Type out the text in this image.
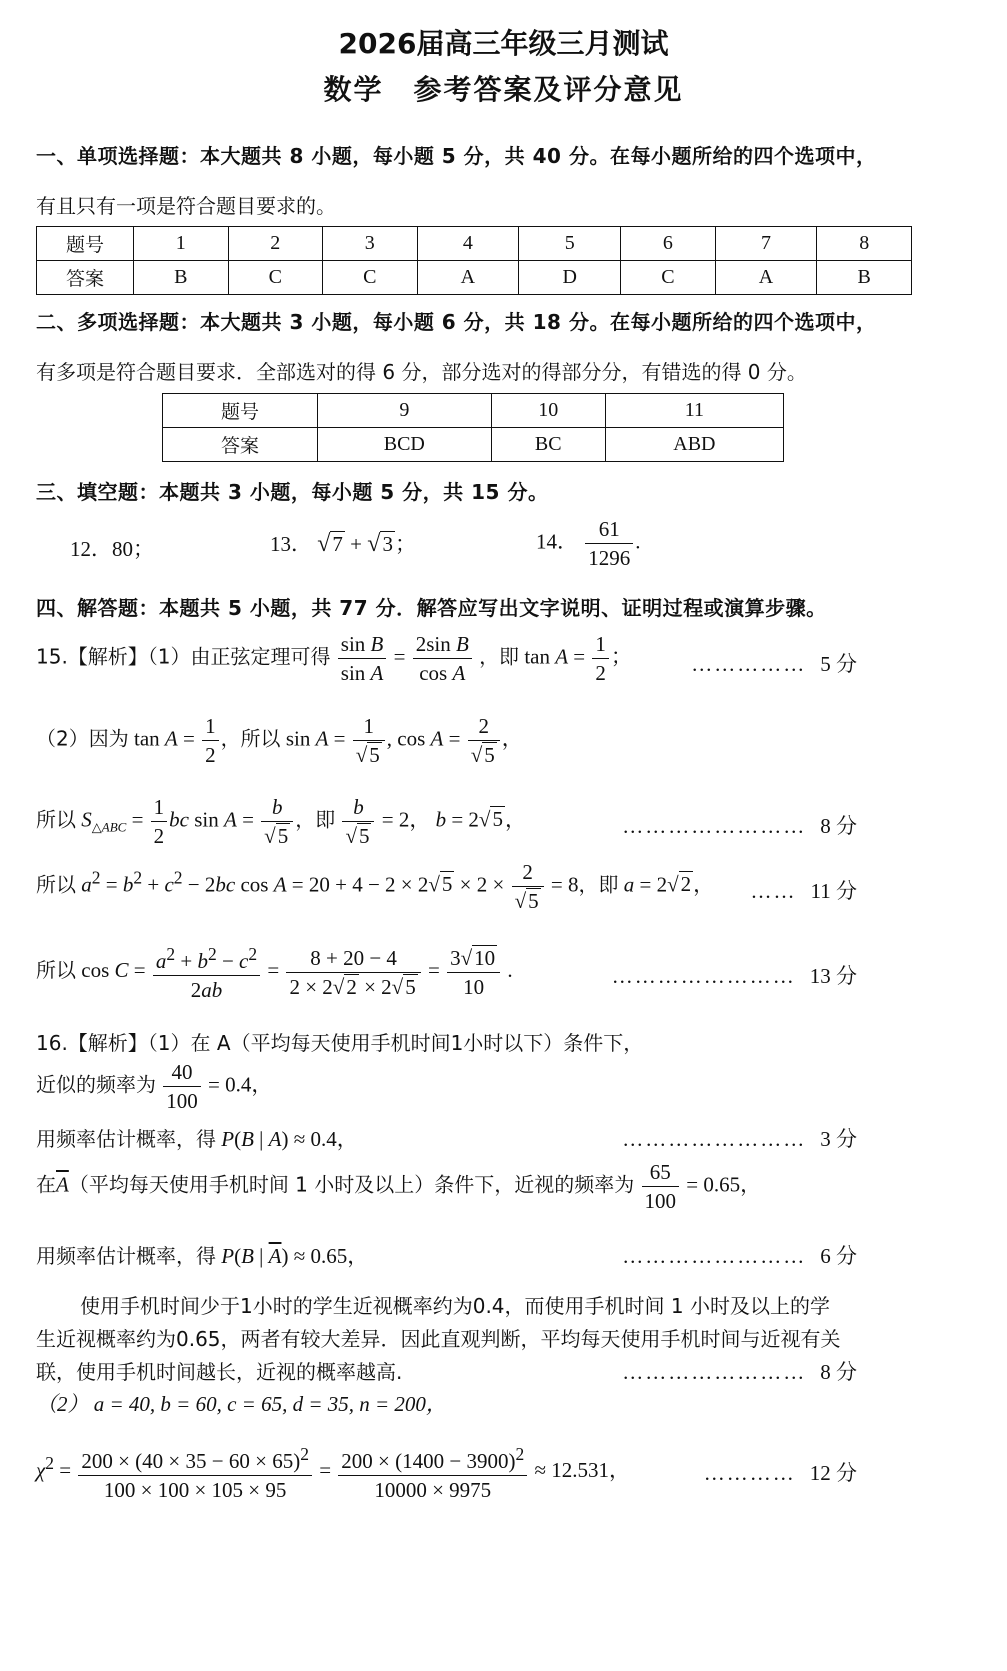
2026届高三年级三月测试
数学　参考答案及评分意见
一、单项选择题：本大题共 8 小题，每小题 5 分，共 40 分。在每小题所给的四个选项中，
有且只有一项是符合题目要求的。
题号	1	2	3	4	5	6	7	8
答案	B	C	C	A	D	C	A	B
二、多项选择题：本大题共 3 小题，每小题 6 分，共 18 分。在每小题所给的四个选项中，
有多项是符合题目要求．全部选对的得 6 分，部分选对的得部分分，有错选的得 0 分。
题号	9	10	11
答案	BCD	BC	ABD
三、填空题：本题共 3 小题，每小题 5 分，共 15 分。
12．80；	13． √7 + √3；	14． $\frac{61}{1296}$ .
四、解答题：本题共 5 小题，共 77 分．解答应写出文字说明、证明过程或演算步骤。
15.【解析】（1）由正弦定理可得 $\frac{\text{sin B}}{\text{sin A}} = \frac{\text{2sin B}}{\text{cos A}}$ ，即 $\tan A = \frac{1}{2}$ ；	…………… 5 分
（2）因为 $\tan A = \frac{1}{2}$ ，所以 $\sin A = \frac{1}{√5}$ , $\cos A = \frac{2}{√5}$ ，
所以 $S_{\triangle ABC} = \frac{1}{2}$ bc $\sin A = \frac{b}{√5}$ ，即 $\frac{b}{√5} = 2$， b = 2√5，	…………………… 8 分
所以 $a^2 = b^2 + c^2 - 2bc$ $\cos A = 20 + 4 - 2 \times 2√5 \times 2 \times \frac{2}{√5} = 8$，即 a = 2√2， …… 11 分
所以 $\cos C = \frac{a^2 + b^2 - c^2}{2ab} = \frac{8 + 20 - 4}{2 \times 2√2 \times 2√5} = \frac{3√10}{10}$ .	…………………… 13 分
16.【解析】（1）在 A（平均每天使用手机时间1小时以下）条件下，
近似的频率为 $\frac{40}{100} = 0.4$，
用频率估计概率，得 P(B | A) ≈ 0.4，	…………………… 3 分
在$\overline{A}$（平均每天使用手机时间 1 小时及以上）条件下，近视的频率为 $\frac{65}{100} = 0.65$，
用频率估计概率，得 P(B | $\overline{A}) \approx 0.65$，	…………………… 6 分
使用手机时间少于1小时的学生近视概率约为0.4，而使用手机时间 1 小时及以上的学
生近视概率约为0.65，两者有较大差异．因此直观判断，平均每天使用手机时间与近视有关
联，使用手机时间越长，近视的概率越高.	…………………… 8 分
（2） a = 40, b = 60, c = 65, d = 35, n = 200，
$\chi^2 = \frac{200 \times (40 \times 35 - 60 \times 65)^2}{100 \times 100 \times 105 \times 95} = \frac{200 \times (1400 - 3900)^2}{10000 \times 9975} \approx 12.531$，	………… 12 分
